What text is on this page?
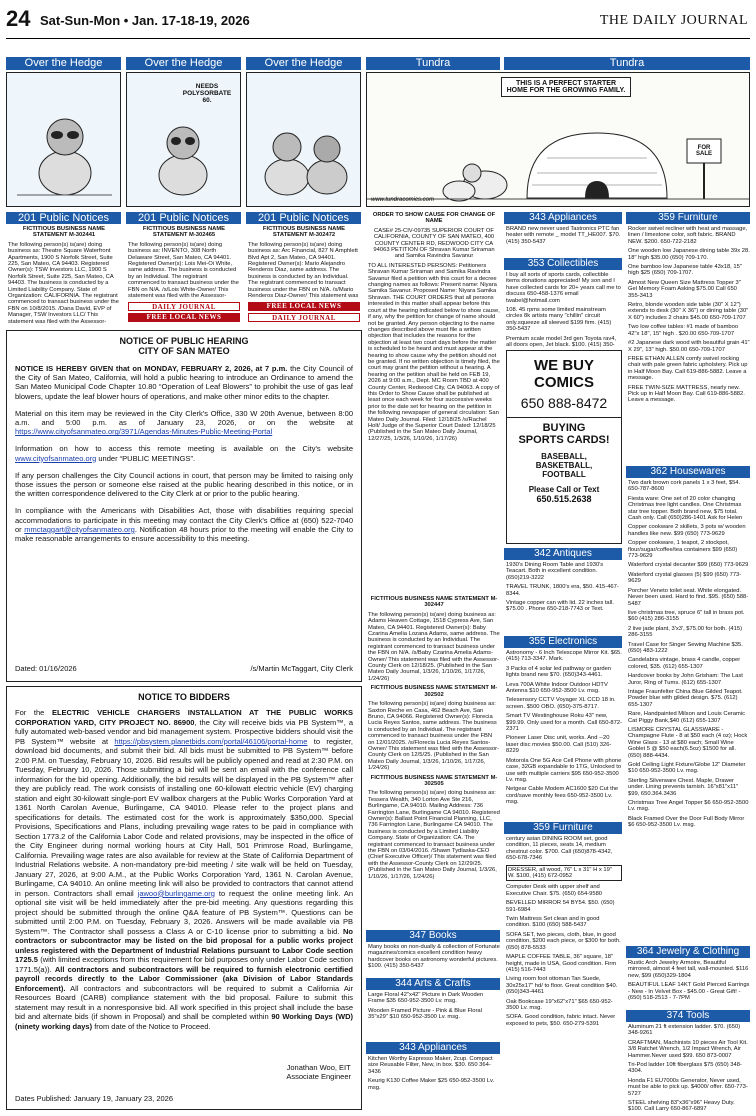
24 Sat-Sun-Mon • Jan. 17-18-19, 2026	THE DAILY JOURNAL
Over the Hedge	Over the Hedge	Over the Hedge	Tundra	Tundra
NEEDS POLYSORBATE 60.
THIS IS A PERFECT STARTER HOME FOR THE GROWING FAMILY.
FOR SALE
www.tundracomics.com
201 Public Notices	201 Public Notices	201 Public Notices

FICTITIOUS BUSINESS NAME STATEMENT M-302441

The following person(s) is(are) doing business as: Theatre Square Waterfront Apartments, 1900 S Norfolk Street, Suite 225, San Mateo, CA 94403. Registered Owner(s): TSW Investors LLC, 1900 S Norfolk Street, Suite 225, San Mateo, CA 94403. The business is conducted by a Limited Liability Company. State of Organization: CALIFORNIA. The registrant commenced to transact business under the FBN on 10/8/2015. /Dana David, EVP of Manager, TSW Investors LLC/ This statement was filed with the Assessor-

FICTITIOUS BUSINESS NAME STATEMENT M-302465

The following person(s) is(are) doing business as: INVENTO, 308 North Delaware Street, San Mateo, CA 94401. Registered Owner(s): Lois Mei-Oi White, same address. The business is conducted by an Individual. The registrant commenced to transact business under the FBN on N/A. /s/Lois White-Owner/ This statement was filed with the Assessor-

FICTITIOUS BUSINESS NAME STATEMENT M-302472

The following person(s) is(are) doing business as: Arc Financial, 827 N Amphlett Blvd Apt 2, San Mateo, CA 94401. Registered Owner(s): Mario Alejandro Renderos Diaz, same address. The business is conducted by an Individual. The registrant commenced to transact business under the FBN on N/A. /s/Mario Renderos Diaz-Owner/ This statement was

DAILY JOURNAL
FREE LOCAL NEWS
FREE LOCAL NEWS
DAILY JOURNAL
NOTICE OF PUBLIC HEARING
CITY OF SAN MATEO

NOTICE IS HEREBY GIVEN that on MONDAY, FEBRUARY 2, 2026, at 7 p.m. the City Council of the City of San Mateo, California, will hold a public hearing to introduce an Ordinance to amend the San Mateo Municipal Code Chapter 10.80 “Operation of Leaf Blowers” to prohibit the use of gas leaf blowers, update the leaf blower hours of operations, and make other minor edits to the chapter.

Material on this item may be reviewed in the City Clerk's Office, 330 W 20th Avenue, between 8:00 a.m. and 5:00 p.m. as of January 23, 2026, or on the website at https://www.cityofsanmateo.org/3971/Agendas-Minutes-Public-Meeting-Portal

Information on how to access this remote meeting is available on the City's website www.cityofsanmateo.org under “PUBLIC MEETINGS”.

If any person challenges the City Council actions in court, that person may be limited to raising only those issues the person or someone else raised at the public hearing described in this notice, or in the written correspondence delivered to the City Clerk at or prior to the public hearing.

In compliance with the Americans with Disabilities Act, those with disabilities requiring special accommodations to participate in this meeting may contact the City Clerk's Office at (650) 522-7040 or mmctaggart@cityofsanmateo.org. Notification 48 hours prior to the meeting will enable the City to make reasonable arrangements to ensure accessibility to this meeting.

Dated: 01/16/2026	/s/Martin McTaggart, City Clerk
NOTICE TO BIDDERS
For the ELECTRIC VEHICLE CHARGERS INSTALLATION AT THE PUBLIC WORKS CORPORATION YARD, CITY PROJECT NO. 86900, the City will receive bids via PB System™, a fully automated web-based vendor and bid management system. Prospective bidders should visit the PB System™ website at https://pbsystem.planetbids.com/portal/46106/portal-home to register, download bid documents, and submit their bid. All bids must be submitted to PB System™ before 2:00 P.M. on Tuesday, February 10, 2026. Bid results will be publicly opened and read at 2:30 P.M. on Tuesday, February 10, 2026. Those submitting a bid will be sent an email with the conference call information for the bid opening. Additionally, the bid results will be displayed in the PB System™ after they are publicly read. The work consists of installing one 60-kilowatt electric vehicle (EV) charging station and eight 30-kilowatt single-port EV wallbox chargers at the Public Works Corporation Yard at 1361 North Carolan Avenue, Burlingame, CA 94010. Please refer to the project plans and specifications for details. The estimated cost for the work is approximately $350,000. Special Provisions, Specifications and Plans, including prevailing wage rates to be paid in compliance with Section 1773.2 of the California Labor Code and related provisions, may be inspected in the office of the City Engineer during normal working hours at City Hall, 501 Primrose Road, Burlingame, California. Prevailing wage rates are also available for review at the State of California Department of Industrial Relations website. A non-mandatory pre-bid meeting / site walk will be held on Tuesday, January 27, 2026, at 9:00 A.M., at the Public Works Corporation Yard, 1361 N. Carolan Avenue, Burlingame, CA 94010. An online meeting link will also be provided to contractors that cannot attend in person. Contractors shall email jawoo@burlingame.org to request the online meeting link. An optional site visit will be held immediately after the pre-bid meeting. Any questions regarding this project should be submitted through the online Q&A feature of PB System™. Questions can be submitted until 2:00 P.M. on Tuesday, February 3, 2026. Answers will be made available via PB System™. The Contractor shall possess a Class A or C-10 license prior to submitting a bid. No contractors or subcontractor may be listed on the bid proposal for a public works project unless registered with the Department of Industrial Relations pursuant to Labor Code section 1725.5 (with limited exceptions from this requirement for bid purposes only under Labor Code section 1771.5(a)). All contractors and subcontractors will be required to furnish electronic certified payroll records directly to the Labor Commissioner (aka Division of Labor Standards Enforcement). All contractors and subcontractors will be required to submit a California Air Resources Board (CARB) compliance statement with the bid proposal. Failure to submit this statement may result in a nonresponsive bid. All work specified in this project shall include the base bid and alternate bids (if shown in Proposal) and shall be completed within 90 Working Days (WD) (ninety working days) from date of the Notice to Proceed.
Jonathan Woo, EIT
Associate Engineer
Dates Published: January 19, January 23, 2026

ORDER TO SHOW CAUSE FOR CHANGE OF NAME

CASE# 25-CIV-09735 SUPERIOR COURT OF CALIFORNIA, COUNTY OF SAN MATEO, 400 COUNTY CENTER RD, REDWOOD CITY CA 94063 PETITION OF Shravan Kumar Sriraman and Samika Ravindra Savanur

TO ALL INTERESTED PERSONS: Petitioners Shravan Kumar Sriraman and Samika Ravindra Savanur filed a petition with this court for a decree changing names as follows: Present name: Niyara Samika Savanur. Proposed Name: Niyara Samika Shravan. THE COURT ORDERS that all persons interested in this matter shall appear before this court at the hearing indicated below to show cause, if any, why the petition for change of name should not be granted. Any person objecting to the name changes described above must file a written objection that includes the reasons for the objection at least two court days before the matter is scheduled to be heard and must appear at the hearing to show cause why the petition should not be granted. If no written objection is timely filed, the court may grant the petition without a hearing. A hearing on the petition shall be held on FEB 19, 2026 at 9:00 a.m., Dept. MC Room TBD at 400 County Center, Redwood City, CA 94063. A copy of this Order to Show Cause shall be published at least once each week for four successive weeks prior to the date set for hearing on the petition in the following newspaper of general circulation: San Mateo Daily Journal. Filed: 12/18/25 /s/Rachel Holt/ Judge of the Superior Court Dated: 12/18/25 (Published in the San Mateo Daily Journal, 12/27/25, 1/3/26, 1/10/26, 1/17/26)

FICTITIOUS BUSINESS NAME STATEMENT M-302447

The following person(s) is(are) doing business as: Adams Heaven Cottage, 1518 Cypress Ave, San Mateo, CA 94401. Registered Owner(s): Baby Czarina Amelia Lozana Adams, same address. The business is conducted by an Individual. The registrant commenced to transact business under the FBN on N/A. /s/Baby Czarina Amelia Adams-Owner/ This statement was filed with the Assessor-County Clerk on 12/18/25. (Published in the San Mateo Daily Journal, 1/3/26, 1/10/26, 1/17/26, 1/24/26)

FICTITIOUS BUSINESS NAME STATEMENT M-302502

The following person(s) is(are) doing business as: Saxton Reche en Casa, 462 Beach Ave, San Bruno, CA 94066. Registered Owner(s): Florecia Lucia Reyes Santos, same address. The business is conducted by an Individual. The registrant commenced to transact business under the FBN on 12/01/2025. /s/Florecia Lucia Reyes Santos-Owner/ This statement was filed with the Assessor-County Clerk on 12/5/25. (Published in the San Mateo Daily Journal, 1/3/26, 1/10/26, 1/17/26, 1/24/26)

FICTITIOUS BUSINESS NAME STATEMENT M-302505

The following person(s) is(are) doing business as: Tessera Wealth, 340 Lorton Ave Ste 216, Burlingame, CA 94010. Mailing Address: 736 Farrington Lane, Burlingame CA 94010. Registered Owner(s): Ballast Point Financial Planning, LLC, 736 Farrington Lane, Burlingame CA 94010. The business is conducted by a Limited Liability Company. State of Organization: CA. The registrant commenced to transact business under the FBN on 03/04/2016. /Shawn Tydlaska-CEO (Chief Executive Officer)/ This statement was filed with the Assessor-County Clerk on 12/29/25. (Published in the San Mateo Daily Journal, 1/3/26, 1/10/26, 1/17/26, 1/24/26)

347 Books

Many books on non-dually & collection of Fortunate magazines/comics excellent condition heavy hardcover books on astronomy wonderful pictures. $100. (415) 350-5437

344 Arts & Crafts

Large Floral 42"x42" Picture in Dark Wooden Frame $35 650-952-3500 Lv. msg.

Wooden Framed Picture - Pink & Blue Floral 35"x29" $10 650-952-3500 Lv. msg.

343 Appliances

Kitchen Worthy Espresso Maker, 2cup. Compact size Reusable Filter, New, in box. $30. 650 364-3436

Keurig K130 Coffee Maker $25 650-952-3500 Lv. msg.

343 Appliances

BRAND new never used Tastronics PTC fan heater with remote _ model TT_HE007. $70. (415) 350-5437

353 Collectibles

I buy all sorts of sports cards, collectible items donations appreciated! My son and I have collected cards for 20+ years call me to discuss 650-458-1376 email twabel@hotmail.com

108. 45 rpms some limited mainstream circles 8k artists many "chillin" circuit only.squeeze all sleeved $199 firm. (415) 350-5437

Premium scale model 3rd gen Toyota rav4, all doors open, Jet black. $100. (415) 350-

WE BUY
COMICS
650 888-8472
BUYING
SPORTS CARDS!
BASEBALL, BASKETBALL, FOOTBALL
Please Call or Text
650.515.2638
342 Antiques

1930's Dining Room Table and 1930's Teacart. Both in excellent condition. (650)219-3222

TRAVEL TRUNK, 1800's era, $50. 415-467-8344.

Vintage copper can with lid. 22 inches tall. $75.00 . Phone 650-218-7743 or Text.

355 Electronics

Astronomy - 6 Inch Telescope Mirror Kit. $65. (415) 713-3347. Mark.

3 Packs of 4 solar led pathway or garden lights brand new $70. (650)343-4461.

Leva 700A White Indoor Outdoor HDTV Antenna $10 650-952-3500 Lv. msg.

Telesensory CCTV Voyager XL CCD 18 in. screen. $500 OBO. (650)-375-8717.

Smart TV Westinghouse Roku 43" new, $99.99. Only used for a month. Call 650-872-2371

Pioneer Laser Disc unit, works. And --20 laser disc movies $50.00. Call (510) 326-8229

Motorola One 5G Ace Cell Phone with phone case, 32GB expandable to 1TG, Unlocked to use with multiple carriers $95 650-952-3500 Lv. msg.

Netgear Cable Modem AC1600 $20 Cut the cord/save monthly fees 650-952-3500 Lv. msg.

359 Furniture

century asian DINING ROOM set, good condition, 11 pieces, seats 14, medium chestnut color. $700. Call (650)878-4342, 650-678-7346

DRESSER, all wood, 76" L x 31" H x 19" W. $100, (415) 672-0952

Computer Desk with upper shelf and Executive Chair. $75. (650) 654-9580

BEVELLED MIRROR 54 BY54. $50. (650) 591-6984

Twin Mattress Set clean and in good condition. $100 (650) 588-5437

SOFA SET, two pieces, cloth, blue, in good condition, $200 each piece, or $300 for both. (650) 878-5533

MAPLE COFFEE TABLE, 36" square, 18" height, made in USA, Good condition. Firm (415) 516-7443

Living room foot ottoman Tan Suede, 30x25x17" hd/ to floor. Great condition $40. (650)343-4461

Oak Bookcase 19"x62"x71" $65 650-952-3500 Lv. msg.

SOFA. Good condition, fabric intact. Never exposed to pets, $50. 650-279-5391

359 Furniture

Rocker swivel recliner with heat and massage, linen / limestone color, soft fabric. BRAND NEW. $200. 650-722-2182

One wooden low Japanese dining table 39x 28. 18" high $35.00 (650) 709-170.

One bamboo low Japanese table 43x18, 15" high $25 (650) 709-1707.

Almost New Queen Size Mattress Topper 3" Gel Memory Foam Asking $75.00 Call 650 355-3413

Retro, blonde wooden side table (30" X 12") extends to desk (30" X 36") or dining table (30" X 60") includes 2 chairs $45.00 650-709-1707

Two low coffee tables: #1 made of bamboo 42"x 18", 15" high . $20.00 650-709-1707

#2 Japanese dark wood with beautiful grain 41" X 29", 13" high. $50.00 650-709-1707

FREE ETHAN ALLEN comfy swivel rocking chair with pale green fabric upholstery. Pick up in Half Moon Bay. Call 619-886-5882. Leave a message.

FREE TWIN-SIZE MATTRESS, nearly new. Pick up in Half Moon Bay. Call 619-886-5882. Leave a message.

362 Housewares

Two dark brown cork panels 1 x 3 feet, $54. 650-787-8600

Fiesta ware: One set of 20 color changing Christmas tree light candles. One Christmas star tree topper. Both brand new, $75 total. Cash only. Call (650)286-1401 Ask for Helen

Copper cookware 2 skillets, 3 pots w/ wooden handles like new. $99 (650) 773-9629

Copper cookware, 1 teapot, 2 stockpot, flour/sugar/coffee/tea containers $99 (650) 773-9629

Waterford crystal decanter $99 (650) 773-9629

Waterford crystal glasses (5) $99 (650) 773-9629

Porcher Veneto toilet seat. White elongated. Never been used. Hard to find. $95. (650) 588-5487

live christmas tree, spruce 6" tall in brass pot. $60 (415) 286-3155

2 live jade plant, 3'x3', $75.00 for both. (415) 286-3155

Travel Case for Singer Sewing Machine $35. (650) 483-1222

Candelabra vintage, brass 4 candle, copper colored, $35. (612) 655-1307

Hardcover books by John Grisham: The Last Juror, Ring of Tums. (612) 655-1307

Intage Fraunfelter China Blue Gilded Teapot. Powder blue with gilded design. $75. (612) 655-1307

Rare, Handpainted Milson and Louis Ceramic Cat Piggy Bank,$40 (612) 655-1307

LISMORE CRYSTAL GLASSWARE - Champagne Flute - 8 at $50 each (4 oz); Hock Wine Glass - 13 at $80 each; Small Wine Goblet 5 @ $50 each(6.5oz) $1500 for all. (650) 888-4434.

Gold Ceiling Light Fixture/Globe 12" Diameter $10 650-952-3500 Lv. msg.

Sterling Silverware Chest. Maple, Drawer under. Lining prevents tarnish. 16"x81"x11" $99, 650.364.3436

Christmas Tree Angel Topper $6 650-952-3500 Lv. msg.

Black Framed Over the Door Full Body Mirror $6 650-952-3500 Lv. msg.

364 Jewelry & Clothing

Rustic Arch Jewelry Armoire, Beautiful mirrored, almost 4 feet tall, wall-mounted. $116 new, $99 (650)329-1804

BEAUTIFUL LEAF 14KT Gold Pierced Earrings - New - In Velvet Box - $45.00 - Great Gift! - (650) 518-2513 - 7-7PM

374 Tools

Aluminum 21 ft extension ladder. $70. (650) 348-9261

CRAFTMAN, Machinists 10 pieces Air Tool Kit. 3/8 Ratchet Wrench, 1/2 Impact Wrench, Air Hammer.Never used $99. 650 873-0007

Tri-Pod ladder 10ft fiberglass $75 (650) 348-4304.

Honda F1 EU7000s Generator, Never used, must be able to pick up. $4000/ offer. 650-773-5727

STEEL shelving 83"x36"x96" Heavy Duty. $100. Call Larry 650-867-6897
